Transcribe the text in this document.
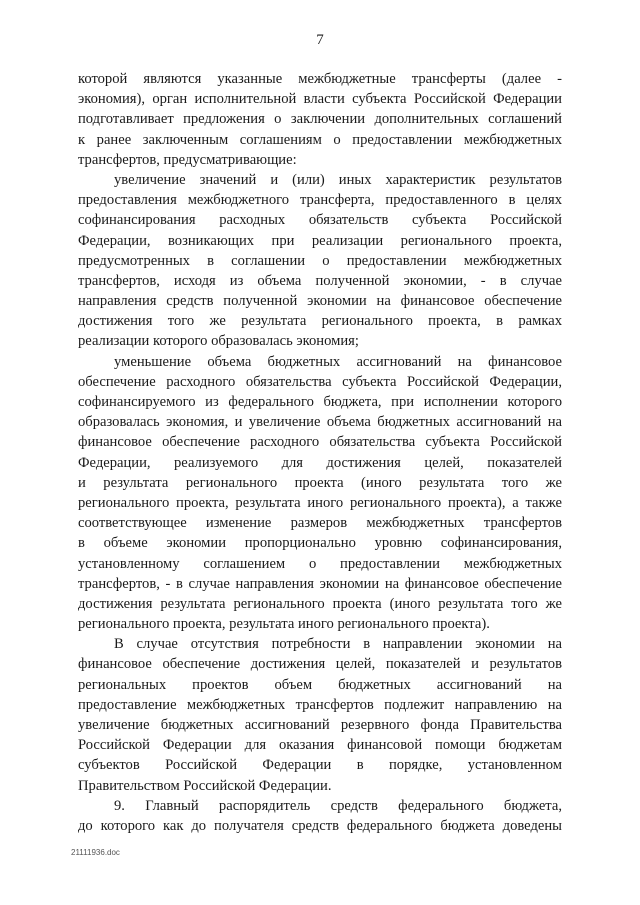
7
которой являются указанные межбюджетные трансферты (далее -
экономия), орган исполнительной власти субъекта Российской Федерации
подготавливает предложения о заключении дополнительных соглашений
к ранее заключенным соглашениям о предоставлении межбюджетных
трансфертов, предусматривающие:
увеличение значений и (или) иных характеристик результатов
предоставления межбюджетного трансферта, предоставленного в целях
софинансирования расходных обязательств субъекта Российской
Федерации, возникающих при реализации регионального проекта,
предусмотренных в соглашении о предоставлении межбюджетных
трансфертов, исходя из объема полученной экономии, - в случае
направления средств полученной экономии на финансовое обеспечение
достижения того же результата регионального проекта, в рамках
реализации которого образовалась экономия;
уменьшение объема бюджетных ассигнований на финансовое
обеспечение расходного обязательства субъекта Российской Федерации,
софинансируемого из федерального бюджета, при исполнении которого
образовалась экономия, и увеличение объема бюджетных ассигнований на
финансовое обеспечение расходного обязательства субъекта Российской
Федерации, реализуемого для достижения целей, показателей
и результата регионального проекта (иного результата того же
регионального проекта, результата иного регионального проекта), а также
соответствующее изменение размеров межбюджетных трансфертов
в объеме экономии пропорционально уровню софинансирования,
установленному соглашением о предоставлении межбюджетных
трансфертов, - в случае направления экономии на финансовое обеспечение
достижения результата регионального проекта (иного результата того же
регионального проекта, результата иного регионального проекта).
В случае отсутствия потребности в направлении экономии на
финансовое обеспечение достижения целей, показателей и результатов
региональных проектов объем бюджетных ассигнований на
предоставление межбюджетных трансфертов подлежит направлению на
увеличение бюджетных ассигнований резервного фонда Правительства
Российской Федерации для оказания финансовой помощи бюджетам
субъектов Российской Федерации в порядке, установленном
Правительством Российской Федерации.
9. Главный распорядитель средств федерального бюджета,
до которого как до получателя средств федерального бюджета доведены
21111936.doc
